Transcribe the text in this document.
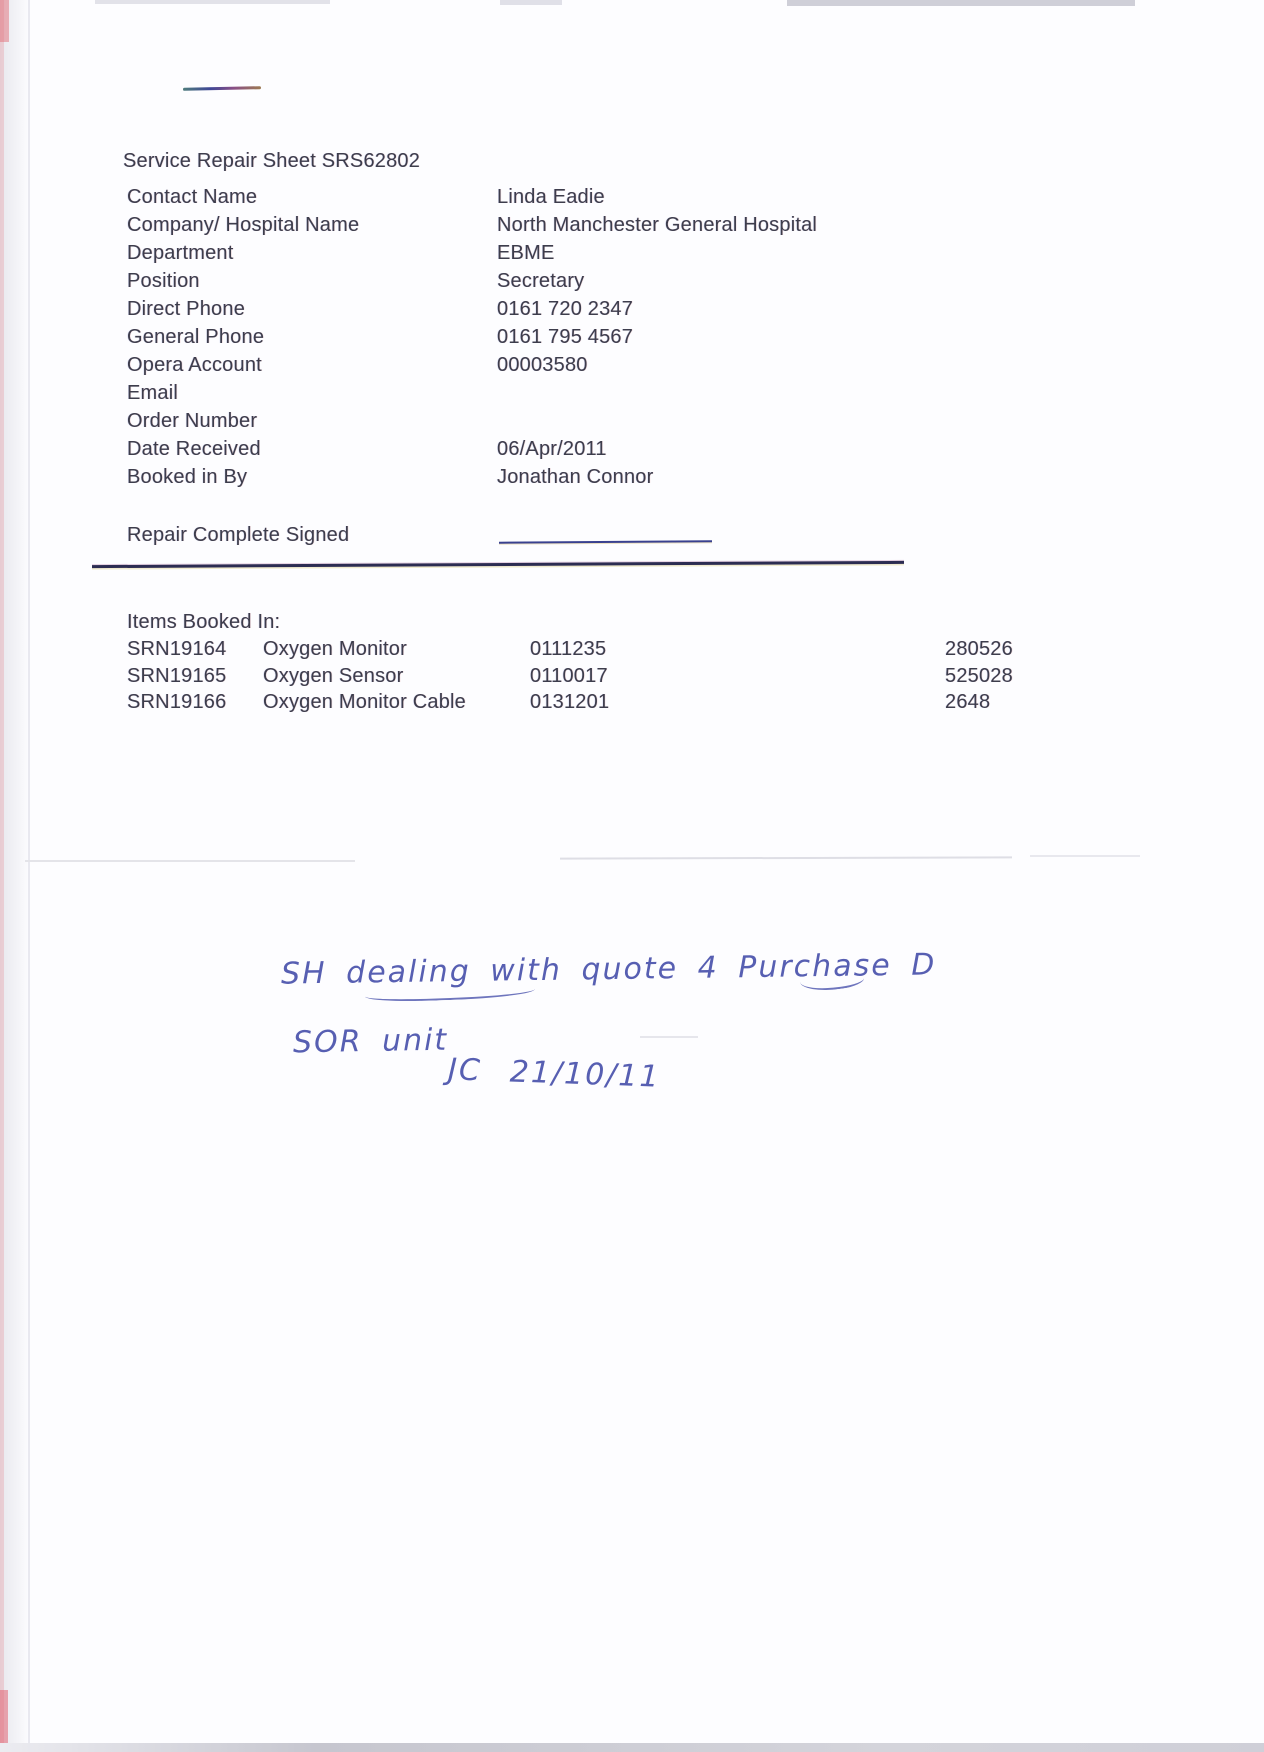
Service Repair Sheet SRS62802
Contact Name	Linda Eadie
Company/ Hospital Name	North Manchester General Hospital
Department	EBME
Position	Secretary
Direct Phone	0161 720 2347
General Phone	0161 795 4567
Opera Account	00003580
Email
Order Number
Date Received	06/Apr/2011
Booked in By	Jonathan Connor
Repair Complete Signed
Items Booked In:
SRN19164 Oxygen Monitor	0111235	280526
SRN19165 Oxygen Sensor	0110017	525028
SRN19166 Oxygen Monitor Cable	0131201	2648
SH dealing with quote 4 Purchase D
SOR unit
JC 21/10/11
